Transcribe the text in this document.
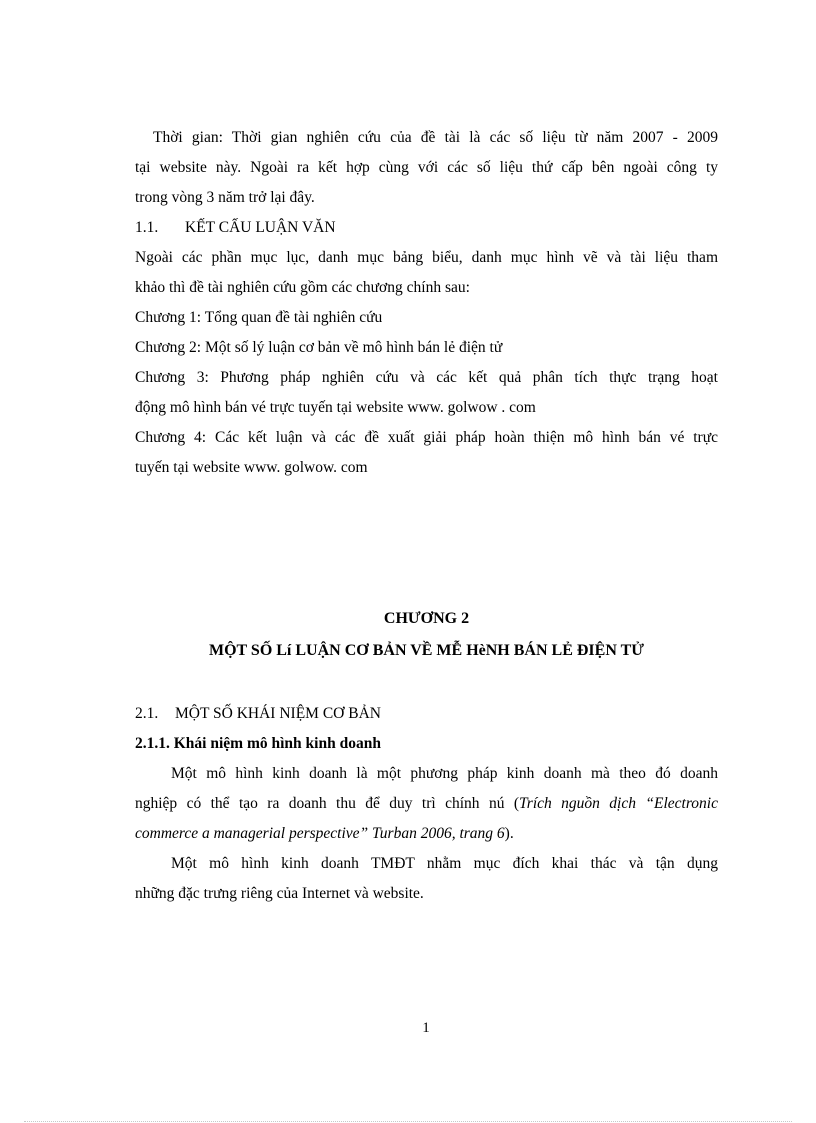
Thời gian: Thời gian nghiên cứu của đề tài là các số liệu từ năm 2007 - 2009
tại website này. Ngoài ra kết hợp cùng với các số liệu thứ cấp bên ngoài công ty
trong vòng 3 năm trở lại đây.
1.1. KẾT CẤU LUẬN VĂN
Ngoài các phần mục lục, danh mục bảng biểu, danh mục hình vẽ và tài liệu tham
khảo thì đề tài nghiên cứu gồm các chương chính sau:
Chương 1: Tổng quan đề tài nghiên cứu
Chương 2: Một số lý luận cơ bản về mô hình bán lẻ điện tử
Chương 3: Phương pháp nghiên cứu và các kết quả phân tích thực trạng hoạt
động mô hình bán vé trực tuyến tại website www. golwow . com
Chương 4: Các kết luận và các đề xuất giải pháp hoàn thiện mô hình bán vé trực
tuyến tại website www. golwow. com
CHƯƠNG 2
MỘT SỐ Lí LUẬN CƠ BẢN VỀ MỄ HèNH BÁN LẺ ĐIỆN TỬ
2.1. MỘT SỐ KHÁI NIỆM CƠ BẢN
2.1.1. Khái niệm mô hình kinh doanh
Một mô hình kinh doanh là một phương pháp kinh doanh mà theo đó doanh
nghiệp có thể tạo ra doanh thu để duy trì chính nú (Trích nguồn dịch “Electronic
commerce a managerial perspective” Turban 2006, trang 6).
Một mô hình kinh doanh TMĐT nhằm mục đích khai thác và tận dụng
những đặc trưng riêng của Internet và website.
1
